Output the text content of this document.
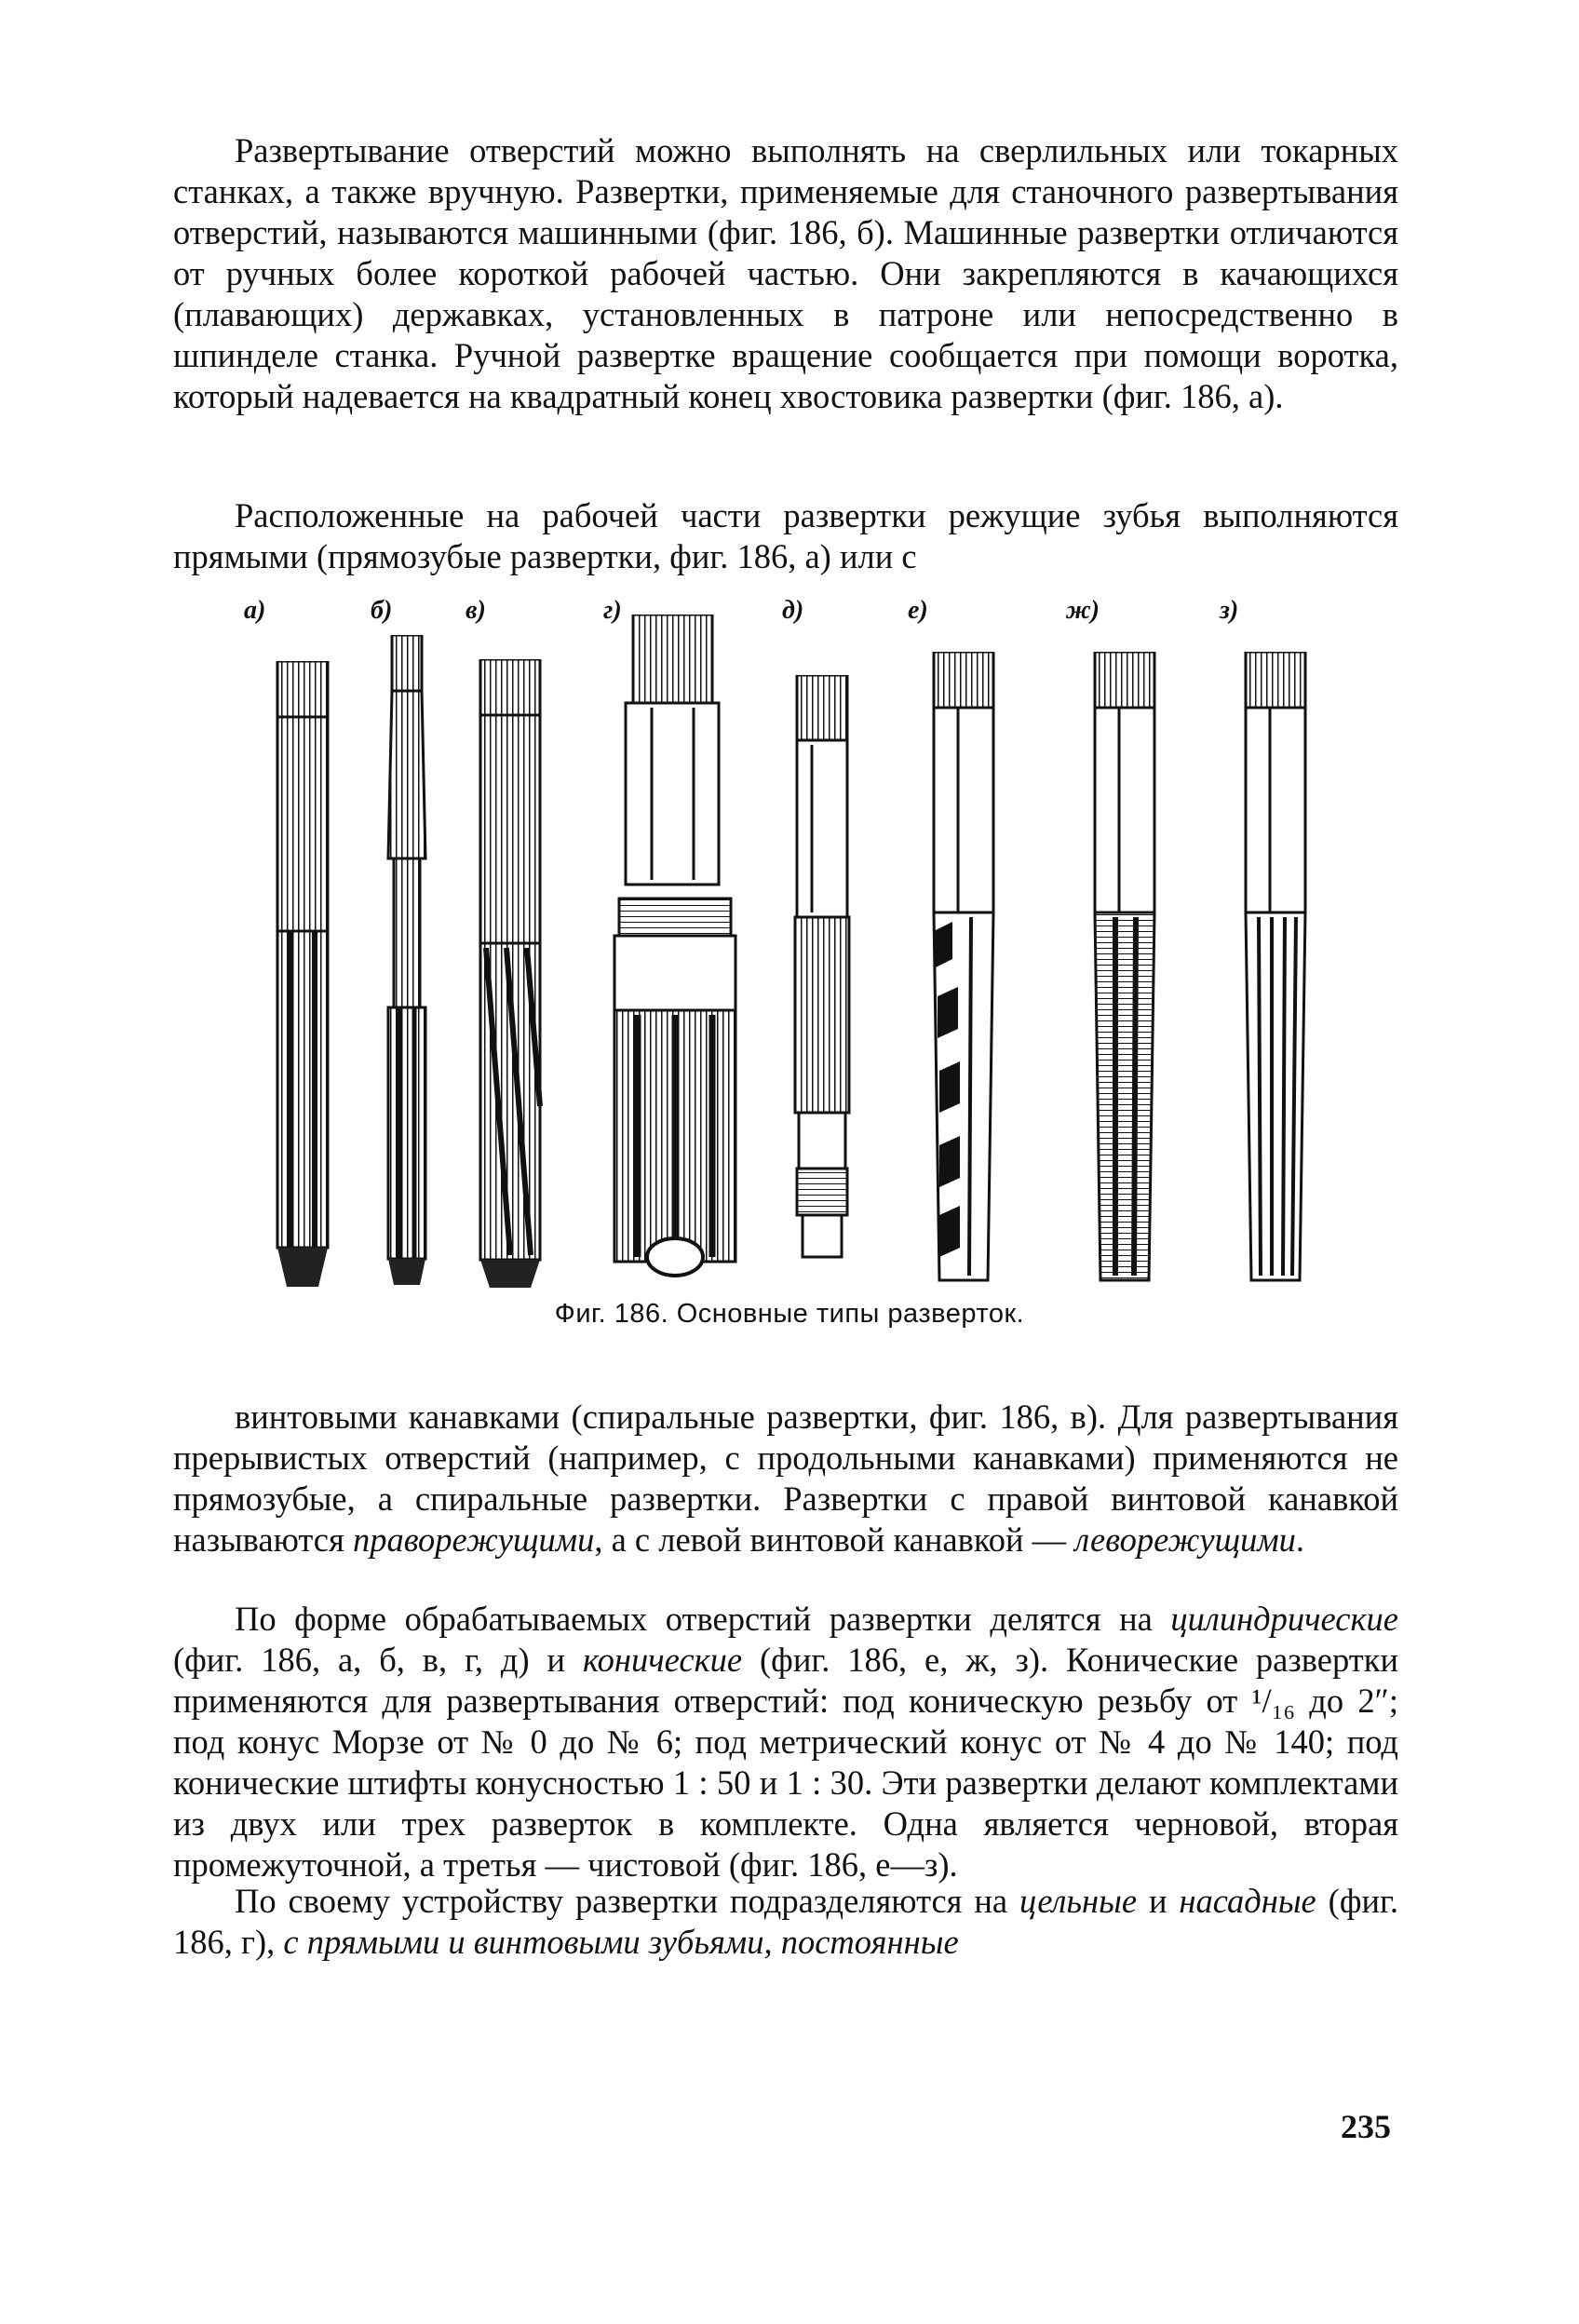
Развертывание отверстий можно выполнять на сверлильных или токарных станках, а также вручную. Развертки, применяемые для станочного развертывания отверстий, называются машинными (фиг. 186, б). Машинные развертки отличаются от ручных более короткой рабочей частью. Они закрепляются в качающихся (плавающих) державках, установленных в патроне или непосредственно в шпинделе станка. Ручной развертке вращение сообщается при помощи воротка, который надевается на квадратный конец хвостовика развертки (фиг. 186, а).

Расположенные на рабочей части развертки режущие зубья выполняются прямыми (прямозубые развертки, фиг. 186, а) или с

а)	б)	в)	г)	д)	е)	ж)	з)
Фиг. 186. Основные типы разверток.

винтовыми канавками (спиральные развертки, фиг. 186, в). Для развертывания прерывистых отверстий (например, с продольными канавками) применяются не прямозубые, а спиральные развертки. Развертки с правой винтовой канавкой называются праворежущими, а с левой винтовой канавкой — леворежущими.

По форме обрабатываемых отверстий развертки делятся на цилиндрические (фиг. 186, а, б, в, г, д) и конические (фиг. 186, е, ж, з). Конические развертки применяются для развертывания отверстий: под коническую резьбу от ¹/₁₆ до 2″; под конус Морзе от № 0 до № 6; под метрический конус от № 4 до № 140; под конические штифты конусностью 1 : 50 и 1 : 30. Эти развертки делают комплектами из двух или трех разверток в комплекте. Одна является черновой, вторая промежуточной, а третья — чистовой (фиг. 186, е—з).

По своему устройству развертки подразделяются на цельные и насадные (фиг. 186, г), с прямыми и винтовыми зубьями, постоянные

235
